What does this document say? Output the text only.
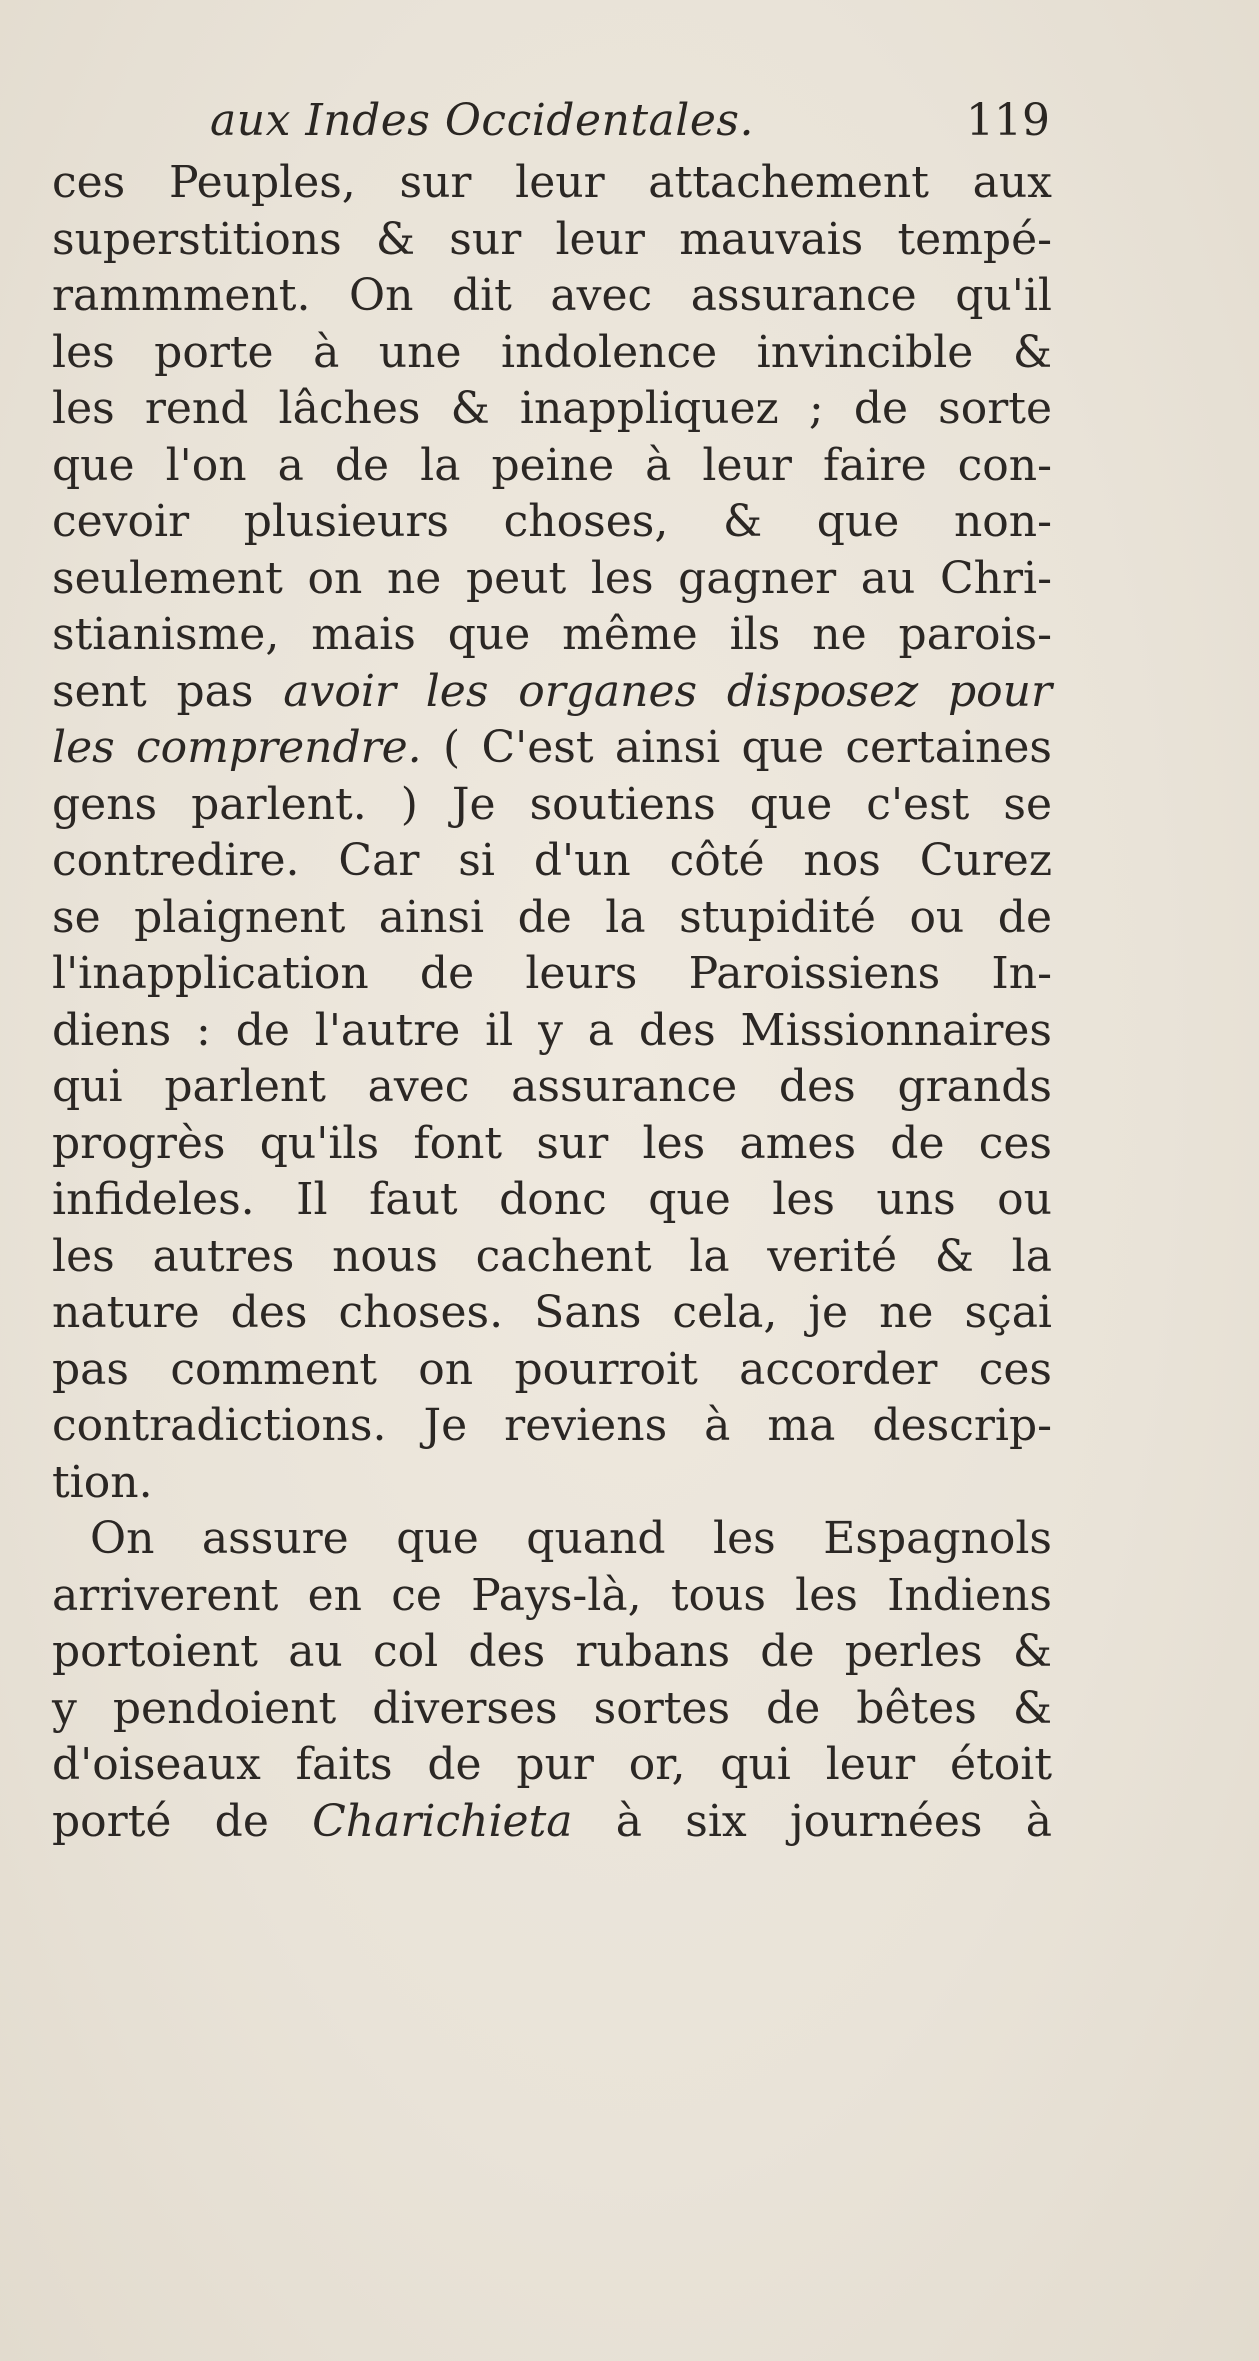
aux Indes Occidentales.	119
ces Peuples, sur leur attachement aux
superstitions & sur leur mauvais tempé-
rammment. On dit avec assurance qu'il
les porte à une indolence invincible &
les rend lâches & inappliquez ; de sorte
que l'on a de la peine à leur faire con-
cevoir plusieurs choses, & que non-
seulement on ne peut les gagner au Chri-
stianisme, mais que même ils ne parois-
sent pas avoir les organes disposez pour
les comprendre. ( C'est ainsi que certaines
gens parlent. ) Je soutiens que c'est se
contredire. Car si d'un côté nos Curez
se plaignent ainsi de la stupidité ou de
l'inapplication de leurs Paroissiens In-
diens : de l'autre il y a des Missionnaires
qui parlent avec assurance des grands
progrès qu'ils font sur les ames de ces
infideles. Il faut donc que les uns ou
les autres nous cachent la verité & la
nature des choses. Sans cela, je ne sçai
pas comment on pourroit accorder ces
contradictions. Je reviens à ma descrip-
tion.
On assure que quand les Espagnols
arriverent en ce Pays-là, tous les Indiens
portoient au col des rubans de perles &
y pendoient diverses sortes de bêtes &
d'oiseaux faits de pur or, qui leur étoit
porté de Charichieta à six journées à
